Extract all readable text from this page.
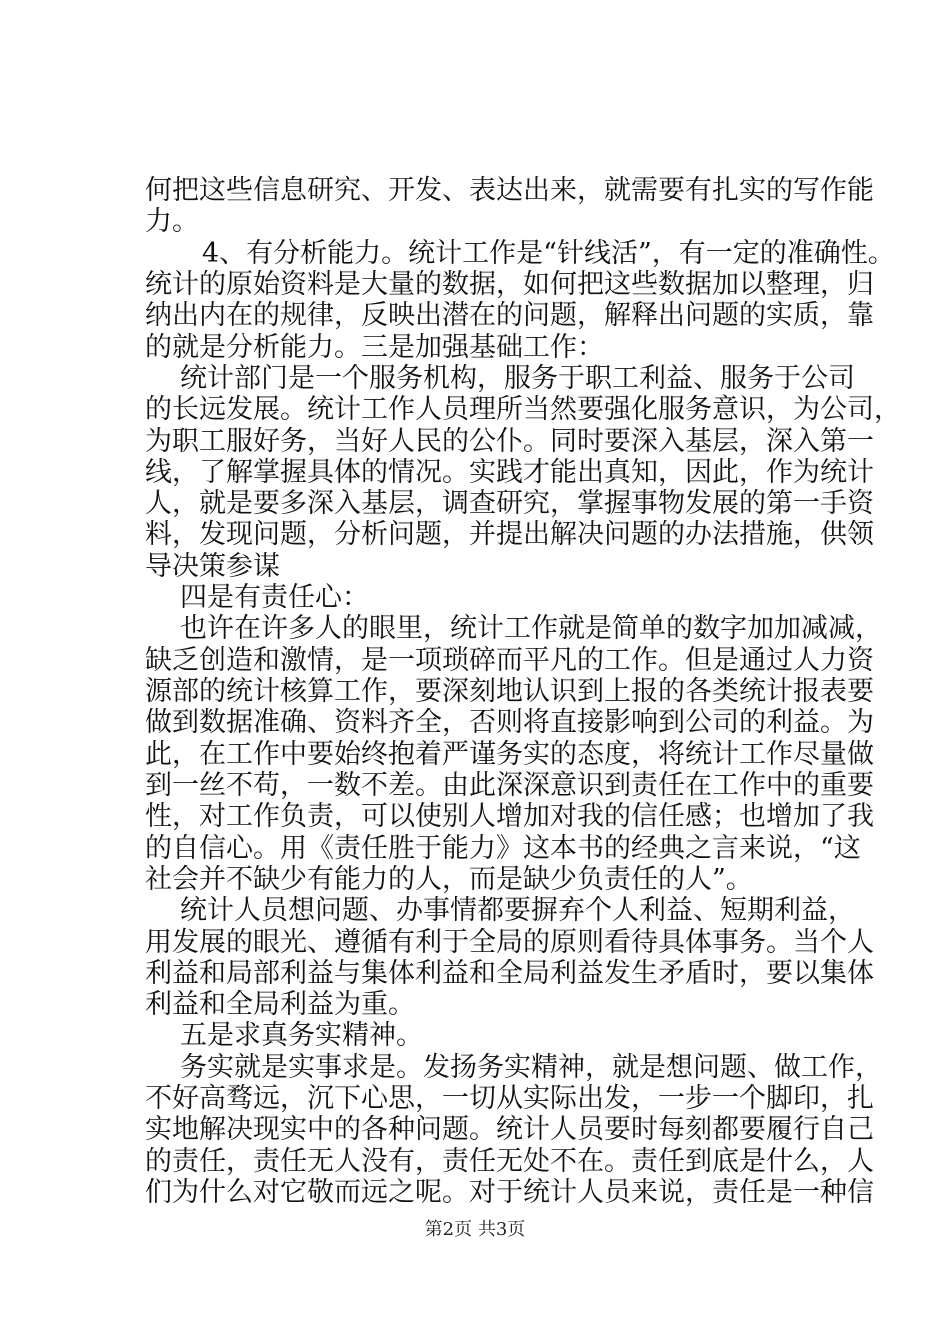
何把这些信息研究、开发、表达出来，就需要有扎实的写作能
力。
4、有分析能力。统计工作是“针线活”，有一定的准确性。
统计的原始资料是大量的数据，如何把这些数据加以整理，归
纳出内在的规律，反映出潜在的问题，解释出问题的实质，靠
的就是分析能力。三是加强基础工作：
统计部门是一个服务机构，服务于职工利益、服务于公司
的长远发展。统计工作人员理所当然要强化服务意识，为公司，
为职工服好务，当好人民的公仆。同时要深入基层，深入第一
线，了解掌握具体的情况。实践才能出真知，因此，作为统计
人，就是要多深入基层，调查研究，掌握事物发展的第一手资
料，发现问题，分析问题，并提出解决问题的办法措施，供领
导决策参谋
四是有责任心：
也许在许多人的眼里，统计工作就是简单的数字加加减减，
缺乏创造和激情，是一项琐碎而平凡的工作。但是通过人力资
源部的统计核算工作，要深刻地认识到上报的各类统计报表要
做到数据准确、资料齐全，否则将直接影响到公司的利益。为
此，在工作中要始终抱着严谨务实的态度，将统计工作尽量做
到一丝不苟，一数不差。由此深深意识到责任在工作中的重要
性，对工作负责，可以使别人增加对我的信任感；也增加了我
的自信心。用《责任胜于能力》这本书的经典之言来说，“这
社会并不缺少有能力的人，而是缺少负责任的人”。
统计人员想问题、办事情都要摒弃个人利益、短期利益，
用发展的眼光、遵循有利于全局的原则看待具体事务。当个人
利益和局部利益与集体利益和全局利益发生矛盾时，要以集体
利益和全局利益为重。
五是求真务实精神。
务实就是实事求是。发扬务实精神，就是想问题、做工作，
不好高骛远，沉下心思，一切从实际出发，一步一个脚印，扎
实地解决现实中的各种问题。统计人员要时每刻都要履行自己
的责任，责任无人没有，责任无处不在。责任到底是什么，人
们为什么对它敬而远之呢。对于统计人员来说，责任是一种信
第2页 共3页
